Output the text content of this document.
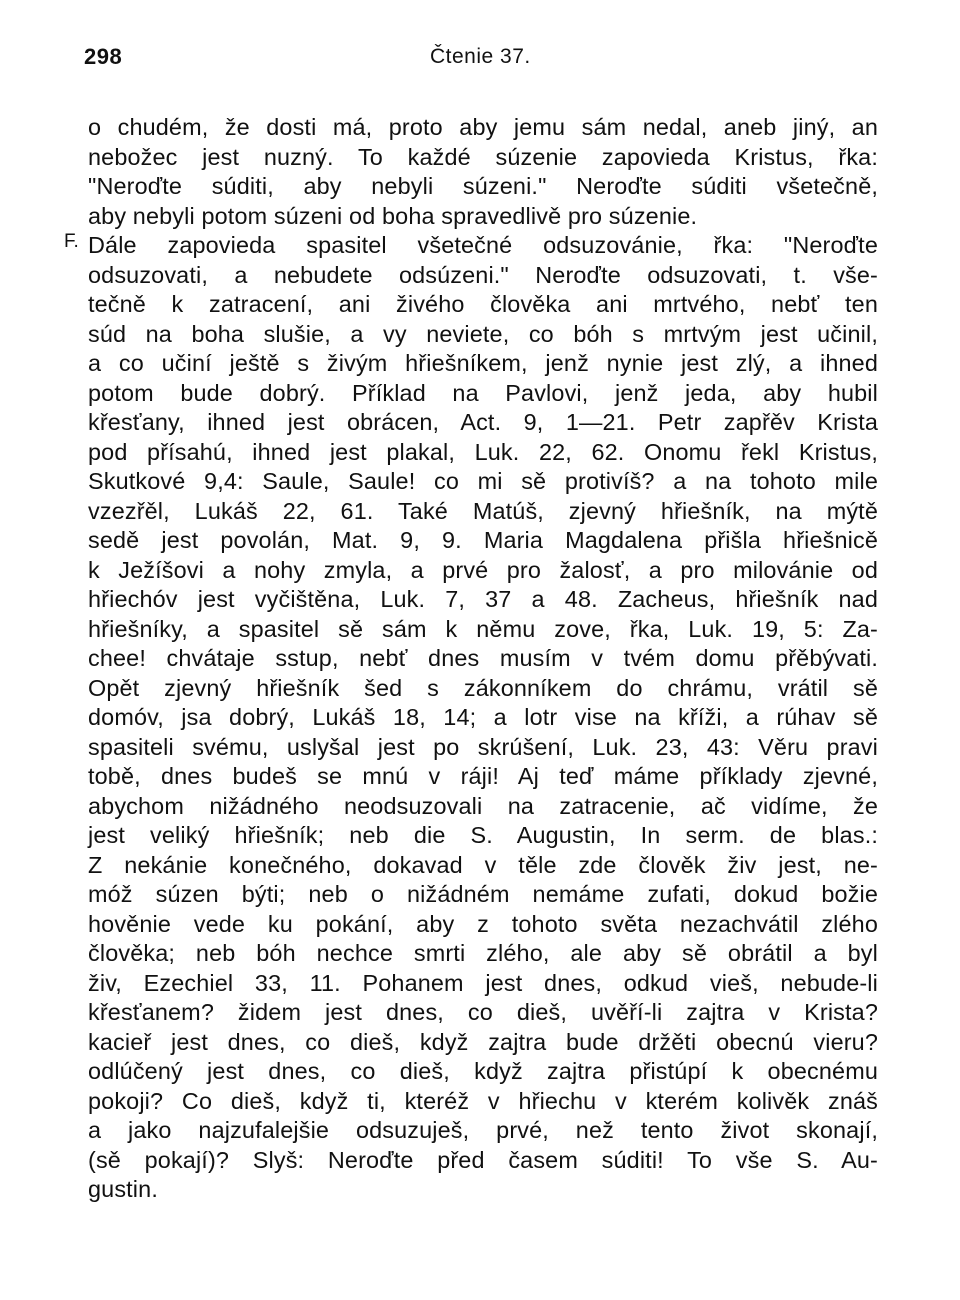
298	Čtenie 37.
o chudém, že dosti má, proto aby jemu sám nedal, aneb jiný, an
nebožec jest nuzný. To každé súzenie zapovieda Kristus, řka:
"Neroďte súditi, aby nebyli súzeni." Neroďte súditi všetečně,
aby nebyli potom súzeni od boha spravedlivě pro súzenie.
F. Dále zapovieda spasitel všetečné odsuzovánie, řka: "Neroďte
odsuzovati, a nebudete odsúzeni." Neroďte odsuzovati, t. vše-
tečně k zatracení, ani živého člověka ani mrtvého, nebť ten
súd na boha slušie, a vy neviete, co bóh s mrtvým jest učinil,
a co učiní ještě s živým hřiešníkem, jenž nynie jest zlý, a ihned
potom bude dobrý. Příklad na Pavlovi, jenž jeda, aby hubil
křesťany, ihned jest obrácen, Act. 9, 1—21. Petr zapřěv Krista
pod přísahú, ihned jest plakal, Luk. 22, 62. Onomu řekl Kristus,
Skutkové 9,4: Saule, Saule! co mi sě protivíš? a na tohoto mile
vzezřěl, Lukáš 22, 61. Také Matúš, zjevný hřiešník, na mýtě
sedě jest povolán, Mat. 9, 9. Maria Magdalena přišla hřiešnicě
k Ježíšovi a nohy zmyla, a prvé pro žalosť, a pro milovánie od
hřiechóv jest vyčištěna, Luk. 7, 37 a 48. Zacheus, hřiešník nad
hřiešníky, a spasitel sě sám k němu zove, řka, Luk. 19, 5: Za-
chee! chvátaje sstup, nebť dnes musím v tvém domu přěbývati.
Opět zjevný hřiešník šed s zákonníkem do chrámu, vrátil sě
domóv, jsa dobrý, Lukáš 18, 14; a lotr vise na kříži, a rúhav sě
spasiteli svému, uslyšal jest po skrúšení, Luk. 23, 43: Věru pravi
tobě, dnes budeš se mnú v ráji! Aj teď máme příklady zjevné,
abychom nižádného neodsuzovali na zatracenie, ač vidíme, že
jest veliký hřiešník; neb die S. Augustin, In serm. de blas.:
Z nekánie konečného, dokavad v těle zde člověk živ jest, ne-
móž súzen býti; neb o nižádném nemáme zufati, dokud božie
hověnie vede ku pokání, aby z tohoto světa nezachvátil zlého
člověka; neb bóh nechce smrti zlého, ale aby sě obrátil a byl
živ, Ezechiel 33, 11. Pohanem jest dnes, odkud vieš, nebude-li
křesťanem? židem jest dnes, co dieš, uvěří-li zajtra v Krista?
kacieř jest dnes, co dieš, když zajtra bude držěti obecnú vieru?
odlúčený jest dnes, co dieš, když zajtra přistúpí k obecnému
pokoji? Co dieš, když ti, kteréž v hřiechu v kterém kolivěk znáš
a jako najzufalejšie odsuzuješ, prvé, než tento život skonají,
(sě pokají)? Slyš: Neroďte před časem súditi! To vše S. Au-
gustin.
